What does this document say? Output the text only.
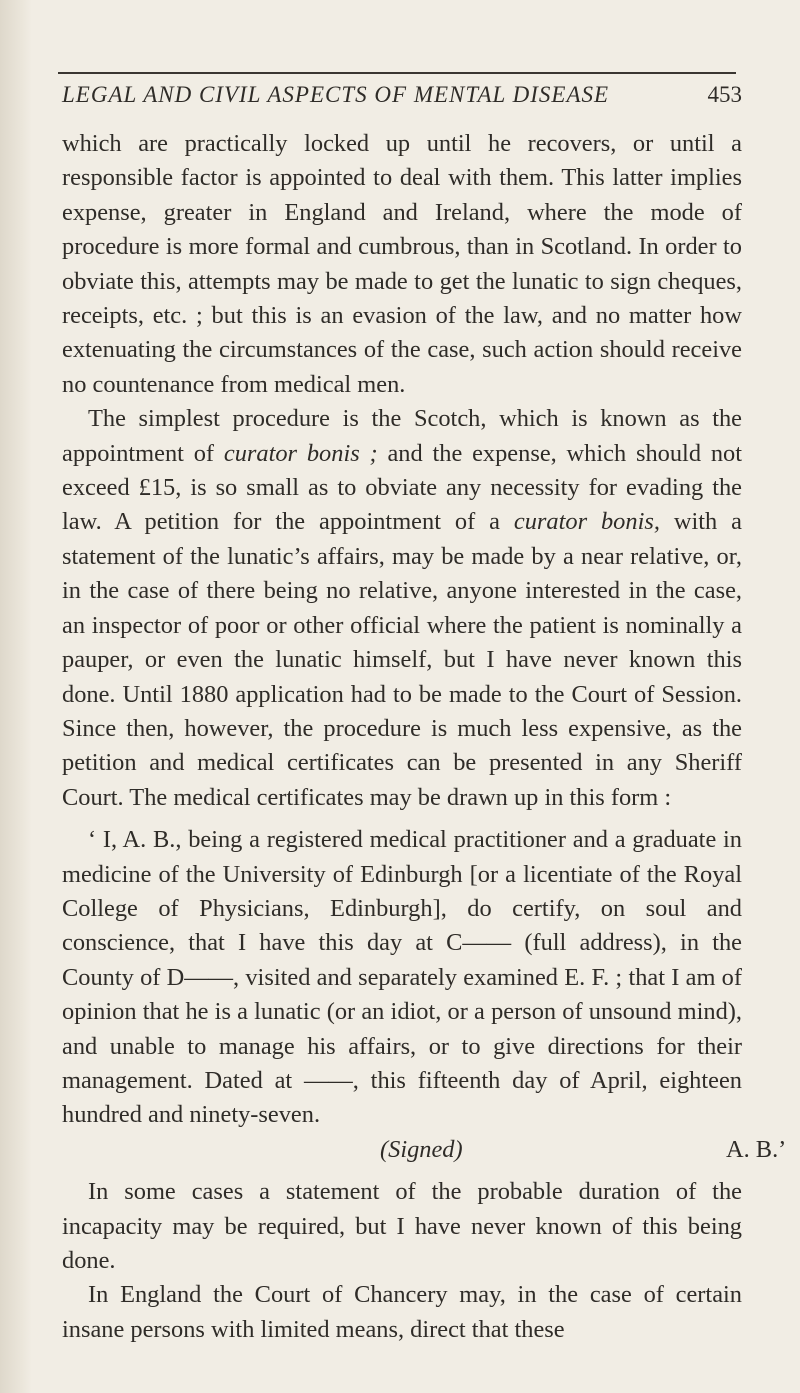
LEGAL AND CIVIL ASPECTS OF MENTAL DISEASE	453

which are practically locked up until he recovers, or until a responsible factor is appointed to deal with them. This latter implies expense, greater in England and Ireland, where the mode of procedure is more formal and cumbrous, than in Scotland. In order to obviate this, attempts may be made to get the lunatic to sign cheques, receipts, etc. ; but this is an evasion of the law, and no matter how extenuating the circumstances of the case, such action should receive no countenance from medical men.

The simplest procedure is the Scotch, which is known as the appointment of curator bonis ; and the expense, which should not exceed £15, is so small as to obviate any necessity for evading the law. A petition for the appointment of a curator bonis, with a statement of the lunatic’s affairs, may be made by a near relative, or, in the case of there being no relative, anyone interested in the case, an inspector of poor or other official where the patient is nominally a pauper, or even the lunatic himself, but I have never known this done. Until 1880 application had to be made to the Court of Session. Since then, however, the procedure is much less expensive, as the petition and medical certificates can be presented in any Sheriff Court. The medical certificates may be drawn up in this form :

‘ I, A. B., being a registered medical practitioner and a graduate in medicine of the University of Edinburgh [or a licentiate of the Royal College of Physicians, Edinburgh], do certify, on soul and conscience, that I have this day at C—— (full address), in the County of D——, visited and separately examined E. F. ; that I am of opinion that he is a lunatic (or an idiot, or a person of unsound mind), and unable to manage his affairs, or to give directions for their management. Dated at ——, this fifteenth day of April, eighteen hundred and ninety-seven.

(Signed)	A. B.’

In some cases a statement of the probable duration of the incapacity may be required, but I have never known of this being done.

In England the Court of Chancery may, in the case of certain insane persons with limited means, direct that these
